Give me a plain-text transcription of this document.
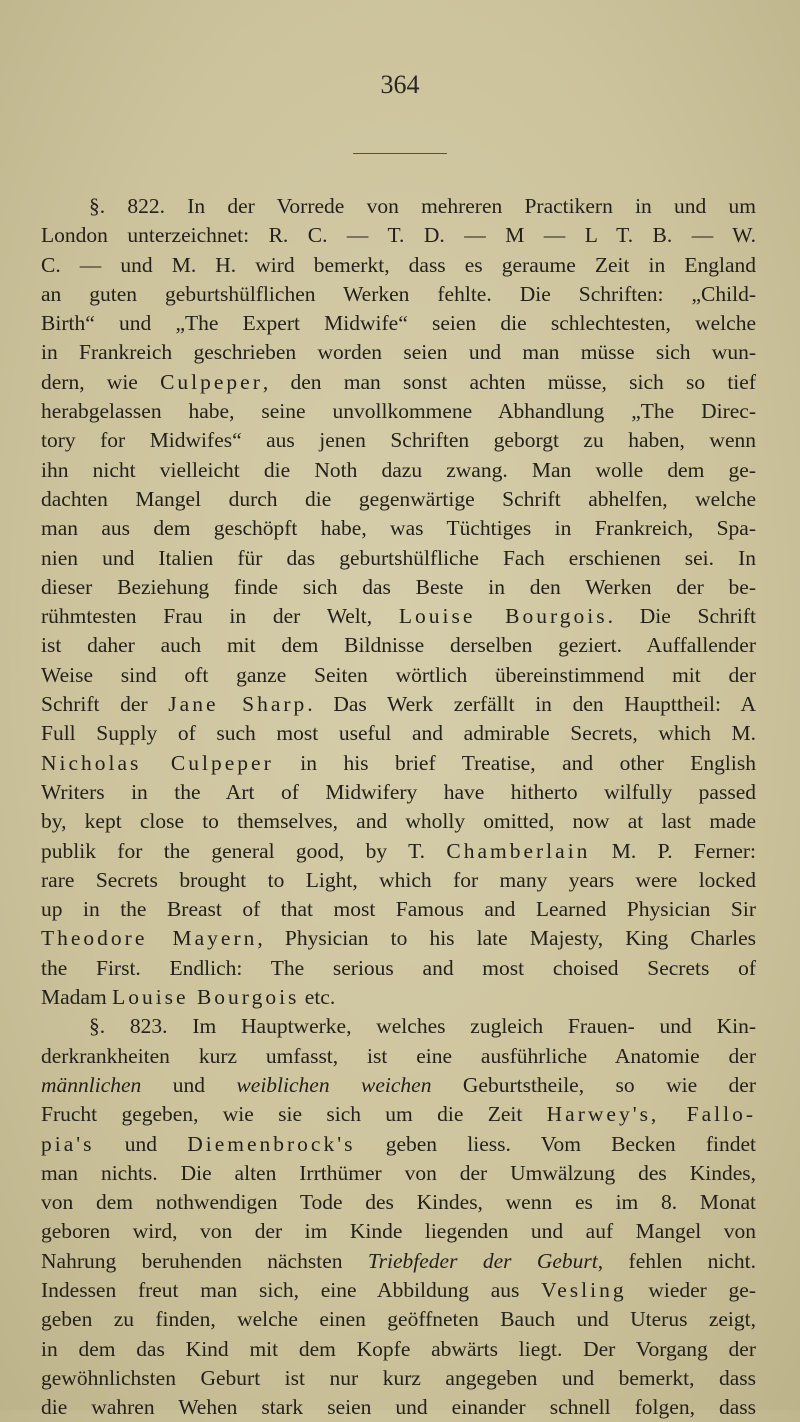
364
§. 822. In der Vorrede von mehreren Practikern in und um
London unterzeichnet: R. C. — T. D. — M — L T. B. — W.
C. — und M. H. wird bemerkt, dass es geraume Zeit in England
an guten geburtshülflichen Werken fehlte. Die Schriften: „Child-
Birth“ und „The Expert Midwife“ seien die schlechtesten, welche
in Frankreich geschrieben worden seien und man müsse sich wun-
dern, wie Culpeper, den man sonst achten müsse, sich so tief
herabgelassen habe, seine unvollkommene Abhandlung „The Direc-
tory for Midwifes“ aus jenen Schriften geborgt zu haben, wenn
ihn nicht vielleicht die Noth dazu zwang. Man wolle dem ge-
dachten Mangel durch die gegenwärtige Schrift abhelfen, welche
man aus dem geschöpft habe, was Tüchtiges in Frankreich, Spa-
nien und Italien für das geburtshülfliche Fach erschienen sei. In
dieser Beziehung finde sich das Beste in den Werken der be-
rühmtesten Frau in der Welt, Louise Bourgois. Die Schrift
ist daher auch mit dem Bildnisse derselben geziert. Auffallender
Weise sind oft ganze Seiten wörtlich übereinstimmend mit der
Schrift der Jane Sharp. Das Werk zerfällt in den Haupttheil: A
Full Supply of such most useful and admirable Secrets, which M.
Nicholas Culpeper in his brief Treatise, and other English
Writers in the Art of Midwifery have hitherto wilfully passed
by, kept close to themselves, and wholly omitted, now at last made
publik for the general good, by T. Chamberlain M. P. Ferner:
rare Secrets brought to Light, which for many years were locked
up in the Breast of that most Famous and Learned Physician Sir
Theodore Mayern, Physician to his late Majesty, King Charles
the First. Endlich: The serious and most choised Secrets of
Madam Louise Bourgois etc.
§. 823. Im Hauptwerke, welches zugleich Frauen- und Kin-
derkrankheiten kurz umfasst, ist eine ausführliche Anatomie der
männlichen und weiblichen weichen Geburtstheile, so wie der
Frucht gegeben, wie sie sich um die Zeit Harwey's, Fallo-
pia's und Diemenbrock's geben liess. Vom Becken findet
man nichts. Die alten Irrthümer von der Umwälzung des Kindes,
von dem nothwendigen Tode des Kindes, wenn es im 8. Monat
geboren wird, von der im Kinde liegenden und auf Mangel von
Nahrung beruhenden nächsten Triebfeder der Geburt, fehlen nicht.
Indessen freut man sich, eine Abbildung aus Vesling wieder ge-
geben zu finden, welche einen geöffneten Bauch und Uterus zeigt,
in dem das Kind mit dem Kopfe abwärts liegt. Der Vorgang der
gewöhnlichsten Geburt ist nur kurz angegeben und bemerkt, dass
die wahren Wehen stark seien und einander schnell folgen, dass
